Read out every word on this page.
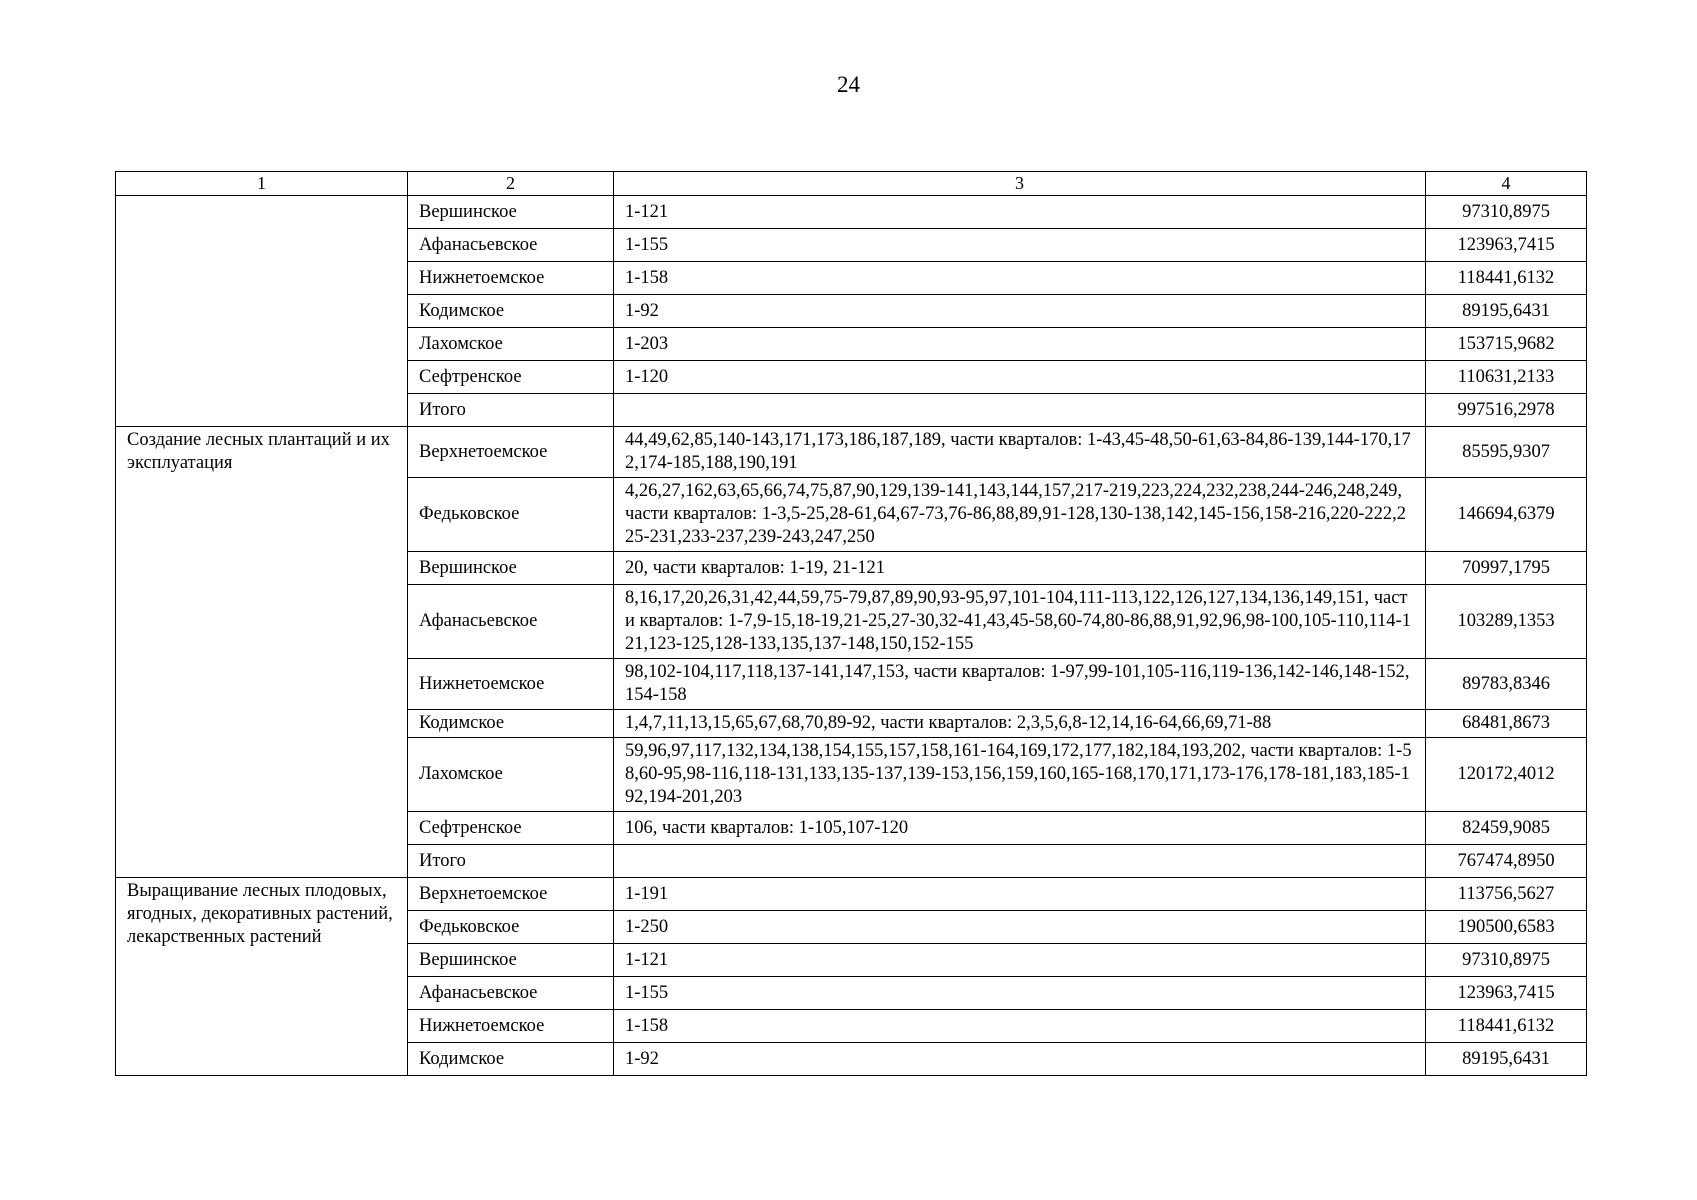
24
1	2	3	4
	Вершинское	1-121	97310,8975
	Афанасьевское	1-155	123963,7415
	Нижнетоемское	1-158	118441,6132
	Кодимское	1-92	89195,6431
	Лахомское	1-203	153715,9682
	Сефтренское	1-120	110631,2133
	Итого		997516,2978
Создание лесных плантаций и их эксплуатация	Верхнетоемское	44,49,62,85,140-143,171,173,186,187,189, части кварталов: 1-43,45-48,50-61,63-84,86-139,144-170,172,174-185,188,190,191	85595,9307
	Федьковское	4,26,27,162,63,65,66,74,75,87,90,129,139-141,143,144,157,217-219,223,224,232,238,244-246,248,249, части кварталов: 1-3,5-25,28-61,64,67-73,76-86,88,89,91-128,130-138,142,145-156,158-216,220-222,225-231,233-237,239-243,247,250	146694,6379
	Вершинское	20, части кварталов: 1-19, 21-121	70997,1795
	Афанасьевское	8,16,17,20,26,31,42,44,59,75-79,87,89,90,93-95,97,101-104,111-113,122,126,127,134,136,149,151, части кварталов: 1-7,9-15,18-19,21-25,27-30,32-41,43,45-58,60-74,80-86,88,91,92,96,98-100,105-110,114-121,123-125,128-133,135,137-148,150,152-155	103289,1353
	Нижнетоемское	98,102-104,117,118,137-141,147,153, части кварталов: 1-97,99-101,105-116,119-136,142-146,148-152,154-158	89783,8346
	Кодимское	1,4,7,11,13,15,65,67,68,70,89-92, части кварталов: 2,3,5,6,8-12,14,16-64,66,69,71-88	68481,8673
	Лахомское	59,96,97,117,132,134,138,154,155,157,158,161-164,169,172,177,182,184,193,202, части кварталов: 1-58,60-95,98-116,118-131,133,135-137,139-153,156,159,160,165-168,170,171,173-176,178-181,183,185-192,194-201,203	120172,4012
	Сефтренское	106, части кварталов: 1-105,107-120	82459,9085
	Итого		767474,8950
Выращивание лесных плодовых, ягодных, декоративных растений, лекарственных растений	Верхнетоемское	1-191	113756,5627
	Федьковское	1-250	190500,6583
	Вершинское	1-121	97310,8975
	Афанасьевское	1-155	123963,7415
	Нижнетоемское	1-158	118441,6132
	Кодимское	1-92	89195,6431
